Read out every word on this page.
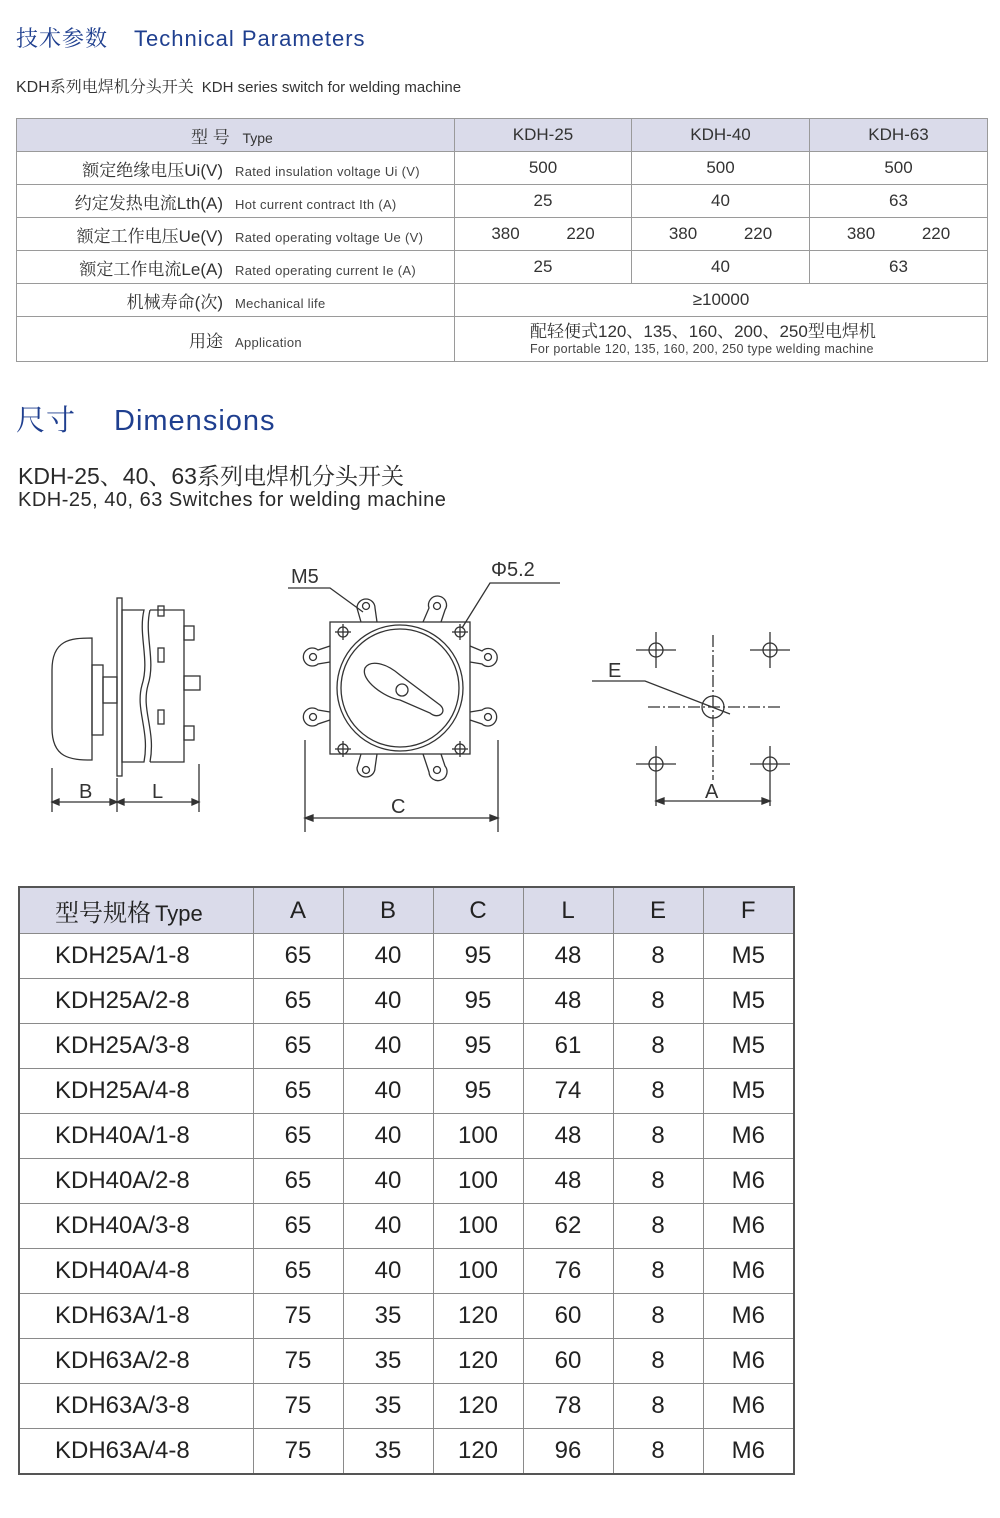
技术参数 Technical Parameters
KDH系列电焊机分头开关 KDH series switch for welding machine
型 号 Type	KDH-25	KDH-40	KDH-63
额定绝缘电压Ui(V) Rated insulation voltage Ui (V)	500	500	500
约定发热电流Lth(A) Hot current contract Ith (A)	25	40	63
额定工作电压Ue(V) Rated operating voltage Ue (V)	380 220	380 220	380 220
额定工作电流Le(A) Rated operating current Ie (A)	25	40	63
机械寿命(次) Mechanical life	≥10000		
用途 Application	配轻便式120、135、160、200、250型电焊机
For portable 120, 135, 160, 200, 250 type welding machine		
尺寸 Dimensions
KDH-25、40、63系列电焊机分头开关
KDH-25, 40, 63 Switches for welding machine
B	L
M5	Φ5.2
C
E
A
型号规格 Type	A	B	C	L	E	F
KDH25A/1-8	65	40	95	48	8	M5
KDH25A/2-8	65	40	95	48	8	M5
KDH25A/3-8	65	40	95	61	8	M5
KDH25A/4-8	65	40	95	74	8	M5
KDH40A/1-8	65	40	100	48	8	M6
KDH40A/2-8	65	40	100	48	8	M6
KDH40A/3-8	65	40	100	62	8	M6
KDH40A/4-8	65	40	100	76	8	M6
KDH63A/1-8	75	35	120	60	8	M6
KDH63A/2-8	75	35	120	60	8	M6
KDH63A/3-8	75	35	120	78	8	M6
KDH63A/4-8	75	35	120	96	8	M6
